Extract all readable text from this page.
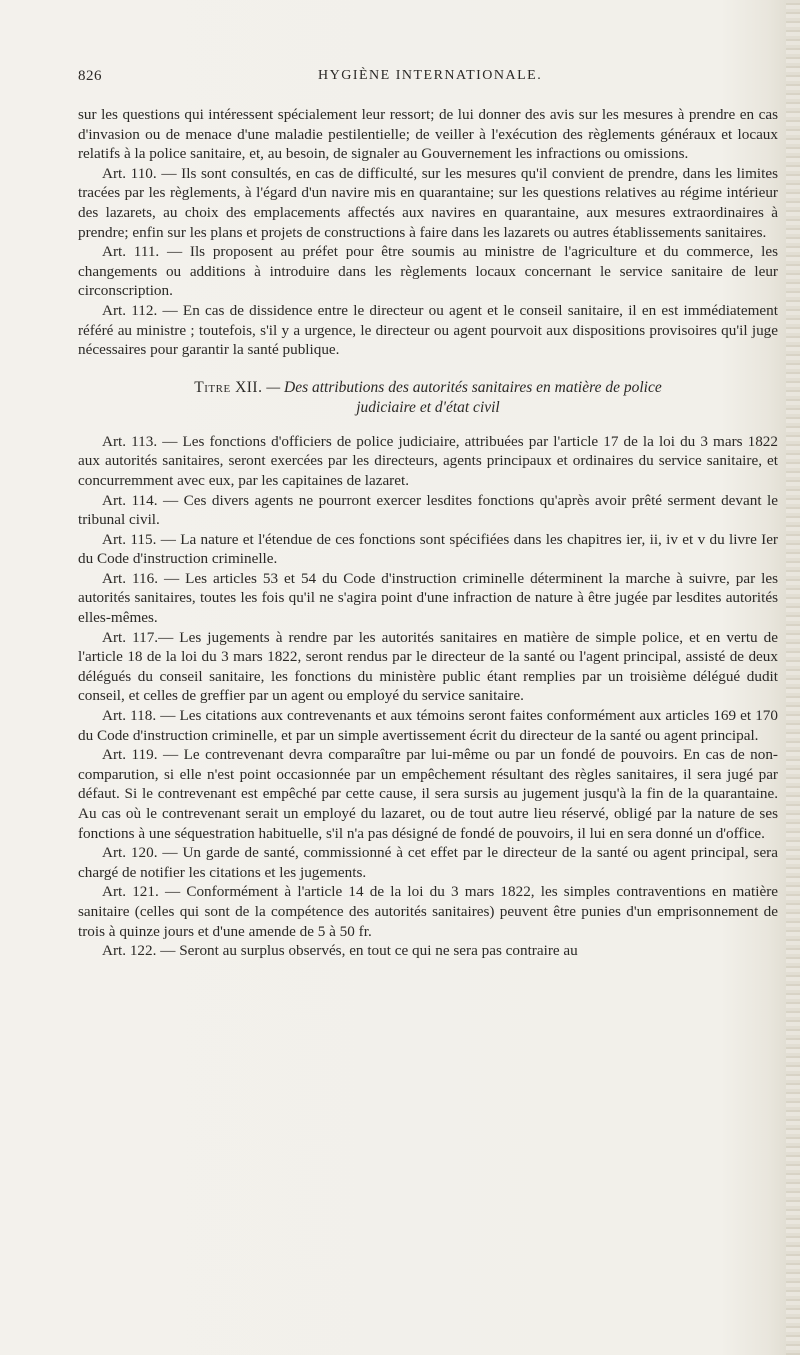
826	HYGIÈNE INTERNATIONALE.

sur les questions qui intéressent spécialement leur ressort; de lui donner des avis sur les mesures à prendre en cas d'invasion ou de menace d'une maladie pestilentielle; de veiller à l'exécution des règlements généraux et locaux relatifs à la police sanitaire, et, au besoin, de signaler au Gouvernement les infractions ou omissions.

Art. 110. — Ils sont consultés, en cas de difficulté, sur les mesures qu'il convient de prendre, dans les limites tracées par les règlements, à l'égard d'un navire mis en quarantaine; sur les questions relatives au régime intérieur des lazarets, au choix des emplacements affectés aux navires en quarantaine, aux mesures extraordinaires à prendre; enfin sur les plans et projets de constructions à faire dans les lazarets ou autres établissements sanitaires.

Art. 111. — Ils proposent au préfet pour être soumis au ministre de l'agriculture et du commerce, les changements ou additions à introduire dans les règlements locaux concernant le service sanitaire de leur circonscription.

Art. 112. — En cas de dissidence entre le directeur ou agent et le conseil sanitaire, il en est immédiatement référé au ministre ; toutefois, s'il y a urgence, le directeur ou agent pourvoit aux dispositions provisoires qu'il juge nécessaires pour garantir la santé publique.

Titre XII. — Des attributions des autorités sanitaires en matière de police
judiciaire et d'état civil

Art. 113. — Les fonctions d'officiers de police judiciaire, attribuées par l'article 17 de la loi du 3 mars 1822 aux autorités sanitaires, seront exercées par les directeurs, agents principaux et ordinaires du service sanitaire, et concurremment avec eux, par les capitaines de lazaret.

Art. 114. — Ces divers agents ne pourront exercer lesdites fonctions qu'après avoir prêté serment devant le tribunal civil.

Art. 115. — La nature et l'étendue de ces fonctions sont spécifiées dans les chapitres ier, ii, iv et v du livre Ier du Code d'instruction criminelle.

Art. 116. — Les articles 53 et 54 du Code d'instruction criminelle déterminent la marche à suivre, par les autorités sanitaires, toutes les fois qu'il ne s'agira point d'une infraction de nature à être jugée par lesdites autorités elles-mêmes.

Art. 117.— Les jugements à rendre par les autorités sanitaires en matière de simple police, et en vertu de l'article 18 de la loi du 3 mars 1822, seront rendus par le directeur de la santé ou l'agent principal, assisté de deux délégués du conseil sanitaire, les fonctions du ministère public étant remplies par un troisième délégué dudit conseil, et celles de greffier par un agent ou employé du service sanitaire.

Art. 118. — Les citations aux contrevenants et aux témoins seront faites conformément aux articles 169 et 170 du Code d'instruction criminelle, et par un simple avertissement écrit du directeur de la santé ou agent principal.

Art. 119. — Le contrevenant devra comparaître par lui-même ou par un fondé de pouvoirs. En cas de non-comparution, si elle n'est point occasionnée par un empêchement résultant des règles sanitaires, il sera jugé par défaut. Si le contrevenant est empêché par cette cause, il sera sursis au jugement jusqu'à la fin de la quarantaine. Au cas où le contrevenant serait un employé du lazaret, ou de tout autre lieu réservé, obligé par la nature de ses fonctions à une séquestration habituelle, s'il n'a pas désigné de fondé de pouvoirs, il lui en sera donné un d'office.

Art. 120. — Un garde de santé, commissionné à cet effet par le directeur de la santé ou agent principal, sera chargé de notifier les citations et les jugements.

Art. 121. — Conformément à l'article 14 de la loi du 3 mars 1822, les simples contraventions en matière sanitaire (celles qui sont de la compétence des autorités sanitaires) peuvent être punies d'un emprisonnement de trois à quinze jours et d'une amende de 5 à 50 fr.

Art. 122. — Seront au surplus observés, en tout ce qui ne sera pas contraire au
